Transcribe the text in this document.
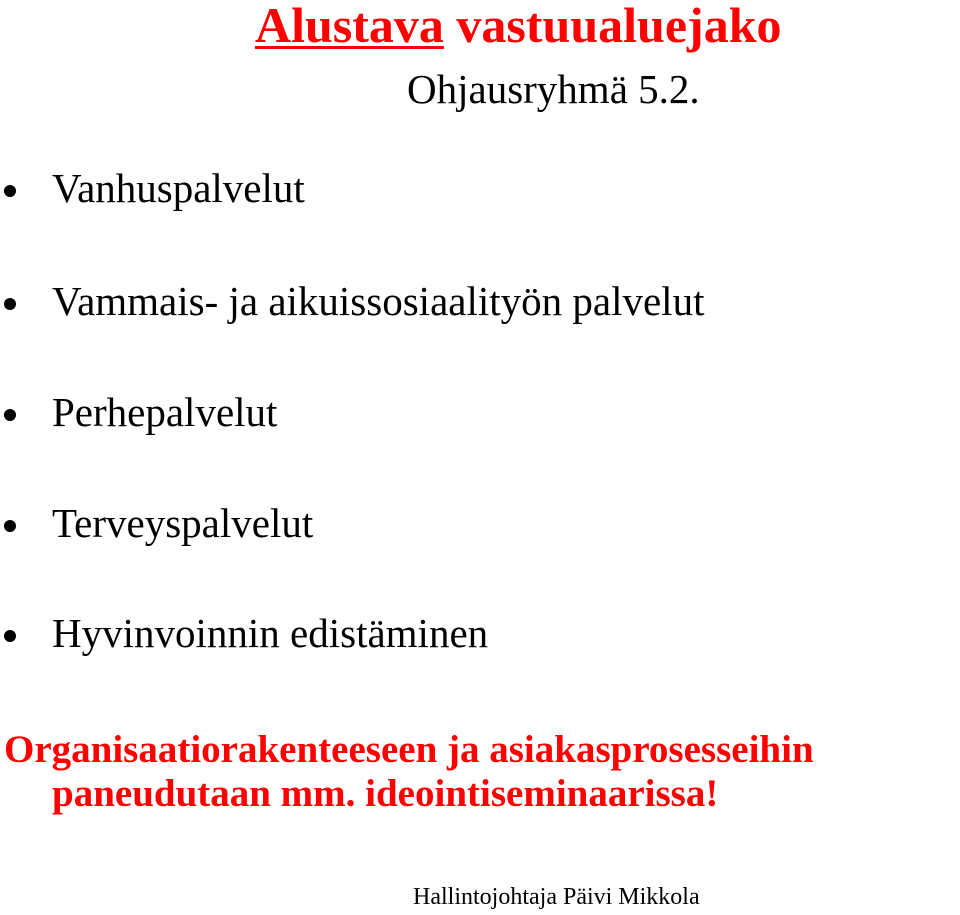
Alustava vastuualuejako
Ohjausryhmä 5.2.
Vanhuspalvelut
Vammais- ja aikuissosiaalityön palvelut
Perhepalvelut
Terveyspalvelut
Hyvinvoinnin edistäminen

Organisaatiorakenteeseen ja asiakasprosesseihin
paneudutaan mm. ideointiseminaarissa!

Hallintojohtaja Päivi Mikkola
